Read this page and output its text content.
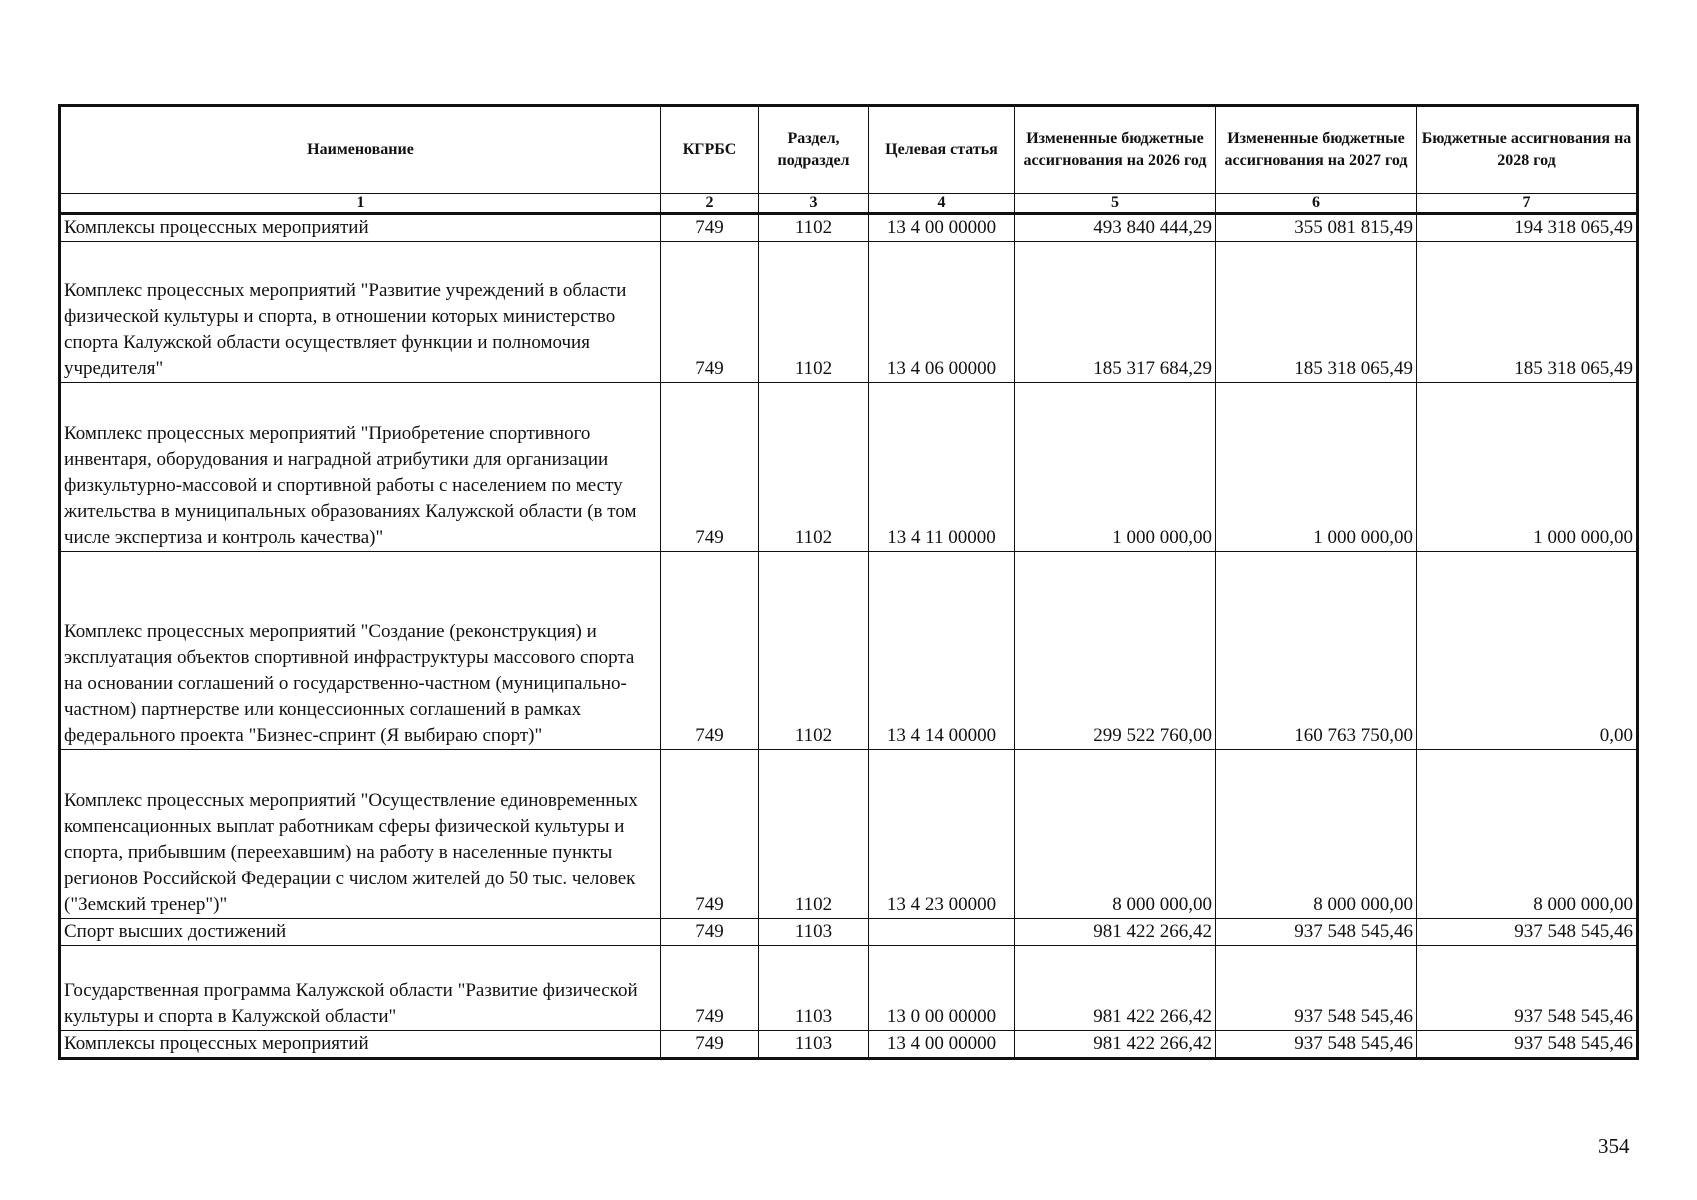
Наименование	КГРБС	Раздел, подраздел	Целевая статья	Измененные бюджетные ассигнования на 2026 год	Измененные бюджетные ассигнования на 2027 год	Бюджетные ассигнования на 2028 год
1	2	3	4	5	6	7
Комплексы процессных мероприятий	749	1102	13 4 00 00000	493 840 444,29	355 081 815,49	194 318 065,49
Комплекс процессных мероприятий "Развитие учреждений в области физической культуры и спорта, в отношении которых министерство спорта Калужской области осуществляет функции и полномочия учредителя"	749	1102	13 4 06 00000	185 317 684,29	185 318 065,49	185 318 065,49
Комплекс процессных мероприятий "Приобретение спортивного инвентаря, оборудования и наградной атрибутики для организации физкультурно-массовой и спортивной работы с населением по месту жительства в муниципальных образованиях Калужской области (в том числе экспертиза и контроль качества)"	749	1102	13 4 11 00000	1 000 000,00	1 000 000,00	1 000 000,00
Комплекс процессных мероприятий "Создание (реконструкция) и эксплуатация объектов спортивной инфраструктуры массового спорта на основании соглашений о государственно-частном (муниципально-частном) партнерстве или концессионных соглашений в рамках федерального проекта "Бизнес-спринт (Я выбираю спорт)"	749	1102	13 4 14 00000	299 522 760,00	160 763 750,00	0,00
Комплекс процессных мероприятий "Осуществление единовременных компенсационных выплат работникам сферы физической культуры и спорта, прибывшим (переехавшим) на работу в населенные пункты регионов Российской Федерации с числом жителей до 50 тыс. человек ("Земский тренер")"	749	1102	13 4 23 00000	8 000 000,00	8 000 000,00	8 000 000,00
Спорт высших достижений	749	1103		981 422 266,42	937 548 545,46	937 548 545,46
Государственная программа Калужской области "Развитие физической культуры и спорта в Калужской области"	749	1103	13 0 00 00000	981 422 266,42	937 548 545,46	937 548 545,46
Комплексы процессных мероприятий	749	1103	13 4 00 00000	981 422 266,42	937 548 545,46	937 548 545,46
354
